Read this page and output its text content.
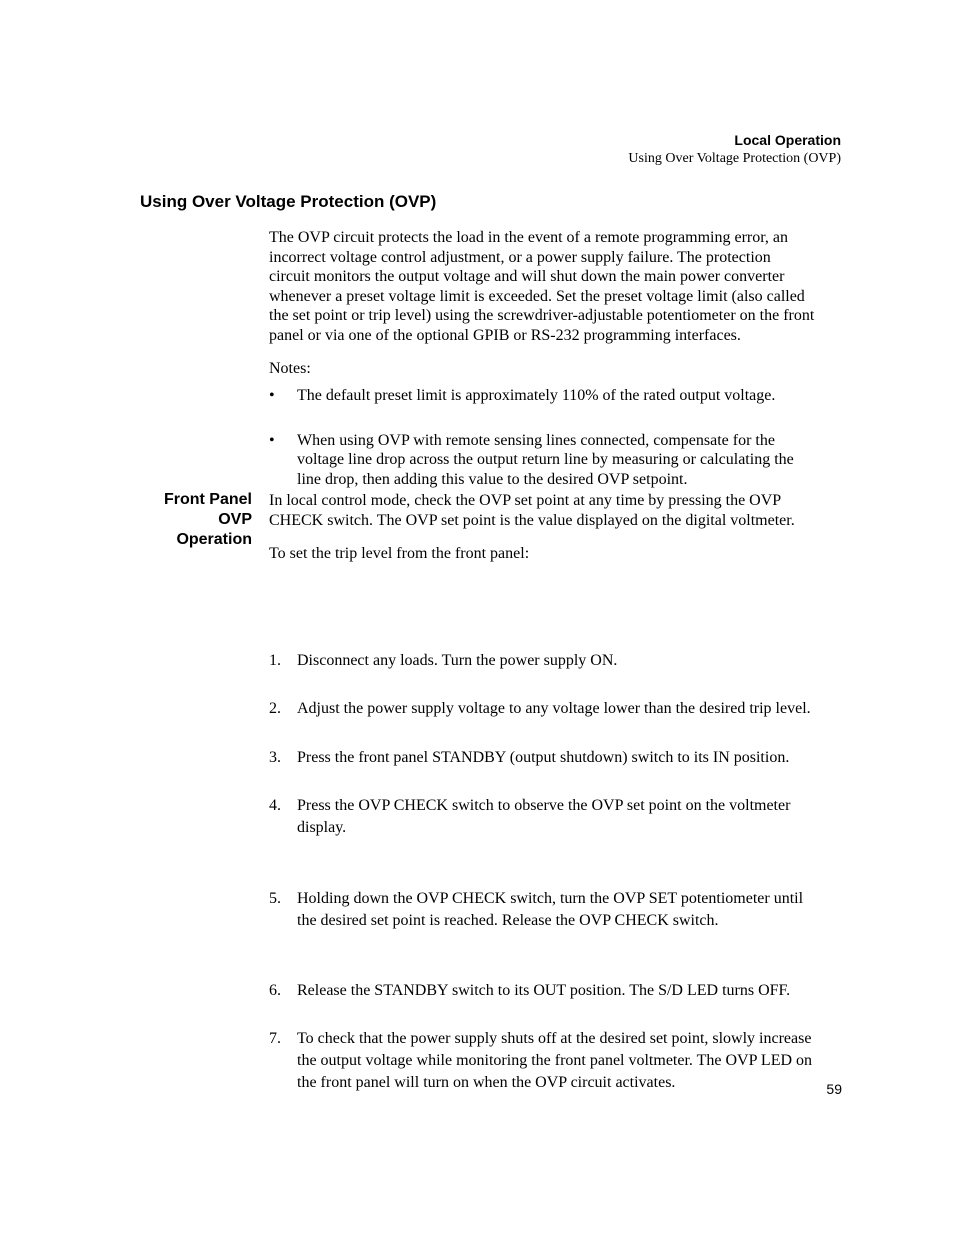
Local Operation
Using Over Voltage Protection (OVP)
Using Over Voltage Protection (OVP)
The OVP circuit protects the load in the event of a remote programming error, an
incorrect voltage control adjustment, or a power supply failure. The protection
circuit monitors the output voltage and will shut down the main power converter
whenever a preset voltage limit is exceeded. Set the preset voltage limit (also called
the set point or trip level) using the screwdriver-adjustable potentiometer on the front
panel or via one of the optional GPIB or RS-232 programming interfaces.
Notes:
• The default preset limit is approximately 110% of the rated output voltage.
• When using OVP with remote sensing lines connected, compensate for the
voltage line drop across the output return line by measuring or calculating the
line drop, then adding this value to the desired OVP setpoint.
Front Panel
OVP
Operation
In local control mode, check the OVP set point at any time by pressing the OVP
CHECK switch. The OVP set point is the value displayed on the digital voltmeter.
To set the trip level from the front panel:
1. Disconnect any loads. Turn the power supply ON.
2. Adjust the power supply voltage to any voltage lower than the desired trip level.
3. Press the front panel STANDBY (output shutdown) switch to its IN position.
4. Press the OVP CHECK switch to observe the OVP set point on the voltmeter
display.
5. Holding down the OVP CHECK switch, turn the OVP SET potentiometer until
the desired set point is reached. Release the OVP CHECK switch.
6. Release the STANDBY switch to its OUT position. The S/D LED turns OFF.
7. To check that the power supply shuts off at the desired set point, slowly increase
the output voltage while monitoring the front panel voltmeter. The OVP LED on
the front panel will turn on when the OVP circuit activates.	59
